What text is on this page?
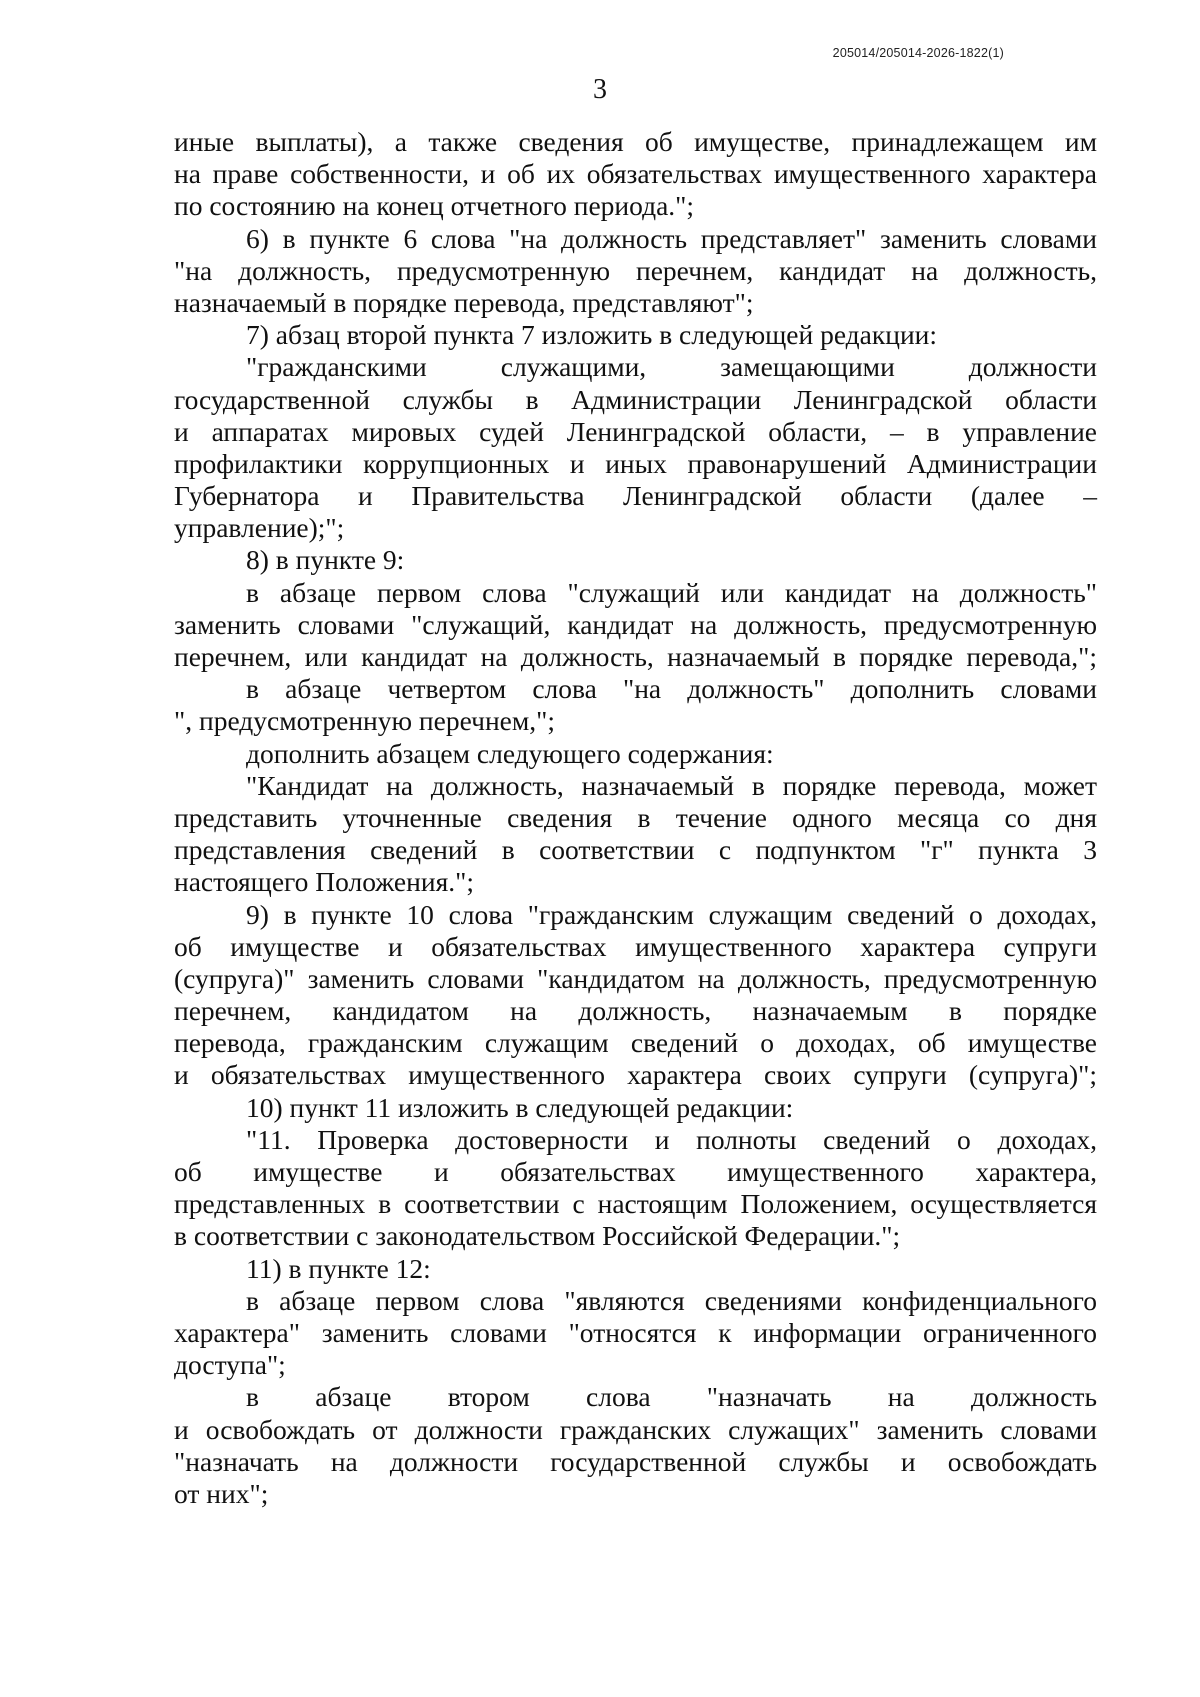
205014/205014-2026-1822(1)
3
иные выплаты), а также сведения об имуществе, принадлежащем им
на праве собственности, и об их обязательствах имущественного характера
по состоянию на конец отчетного периода.";
6) в пункте 6 слова "на должность представляет" заменить словами
"на должность, предусмотренную перечнем, кандидат на должность,
назначаемый в порядке перевода, представляют";
7) абзац второй пункта 7 изложить в следующей редакции:
"гражданскими служащими, замещающими должности
государственной службы в Администрации Ленинградской области
и аппаратах мировых судей Ленинградской области, – в управление
профилактики коррупционных и иных правонарушений Администрации
Губернатора и Правительства Ленинградской области (далее –
управление);";
8) в пункте 9:
в абзаце первом слова "служащий или кандидат на должность"
заменить словами "служащий, кандидат на должность, предусмотренную
перечнем, или кандидат на должность, назначаемый в порядке перевода,";
в абзаце четвертом слова "на должность" дополнить словами
", предусмотренную перечнем,";
дополнить абзацем следующего содержания:
"Кандидат на должность, назначаемый в порядке перевода, может
представить уточненные сведения в течение одного месяца со дня
представления сведений в соответствии с подпунктом "г" пункта 3
настоящего Положения.";
9) в пункте 10 слова "гражданским служащим сведений о доходах,
об имуществе и обязательствах имущественного характера супруги
(супруга)" заменить словами "кандидатом на должность, предусмотренную
перечнем, кандидатом на должность, назначаемым в порядке
перевода, гражданским служащим сведений о доходах, об имуществе
и обязательствах имущественного характера своих супруги (супруга)";
10) пункт 11 изложить в следующей редакции:
"11. Проверка достоверности и полноты сведений о доходах,
об имуществе и обязательствах имущественного характера,
представленных в соответствии с настоящим Положением, осуществляется
в соответствии с законодательством Российской Федерации.";
11) в пункте 12:
в абзаце первом слова "являются сведениями конфиденциального
характера" заменить словами "относятся к информации ограниченного
доступа";
в абзаце втором слова "назначать на должность
и освобождать от должности гражданских служащих" заменить словами
"назначать на должности государственной службы и освобождать
от них";
